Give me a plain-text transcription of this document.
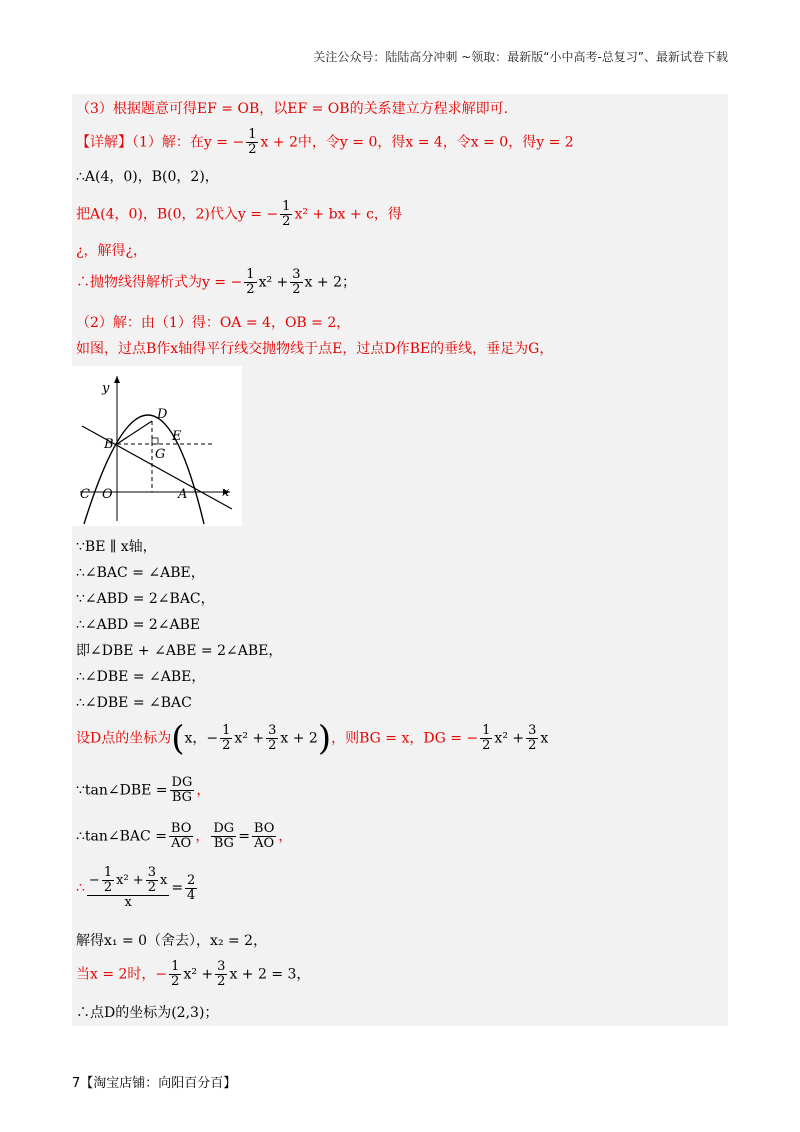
关注公众号：陆陆高分冲刺 ~领取：最新版“小中高考-总复习”、最新试卷下载
（3）根据题意可得EF = OB，以EF = OB的关系建立方程求解即可.
【详解】（1）解：在y = − $\frac{1}{2}$ x + 2中，令y = 0，得x = 4，令x = 0，得y = 2
∴A(4，0)，B(0，2)，
把A(4，0)，B(0，2)代入y = − $\frac{1}{2} x^2$ + bx + c，得
¿，解得¿，
∴抛物线得解析式为y = − $\frac{1}{2} x^2 + \frac{3}{2}$ x + 2；
（2）解：由（1）得：OA = 4，OB = 2，
如图，过点B作x轴得平行线交抛物线于点E，过点D作BE的垂线，垂足为G，
y
D
B
E
G
C O	A	x
∵BE ∥ x轴，
∴∠BAC = ∠ABE，
∵∠ABD = 2∠BAC，
∴∠ABD = 2∠ABE
即∠DBE + ∠ABE = 2∠ABE，
∴∠DBE = ∠ABE，
∴∠DBE = ∠BAC
设D点的坐标为(x，− $\frac{1}{2} x^2 + \frac{3}{2}$ x + 2)，则BG = x，DG = − $\frac{1}{2} x^2 + \frac{3}{2}$ x
∵tan∠DBE = $\frac{DG}{BG}$ ，
∴tan∠BAC = $\frac{BO}{AO}$ ， $\frac{DG}{BG} = \frac{BO}{AO}$ ，
∴ $\frac{- \frac{1}{2} x^2 + \frac{3}{2} x}{x} = \frac{2}{4}$
解得x₁ = 0（舍去），x₂ = 2，
当x = 2时，− $\frac{1}{2} x^2 + \frac{3}{2}$ x + 2 = 3，
∴点D的坐标为(2,3)；
7【淘宝店铺：向阳百分百】
